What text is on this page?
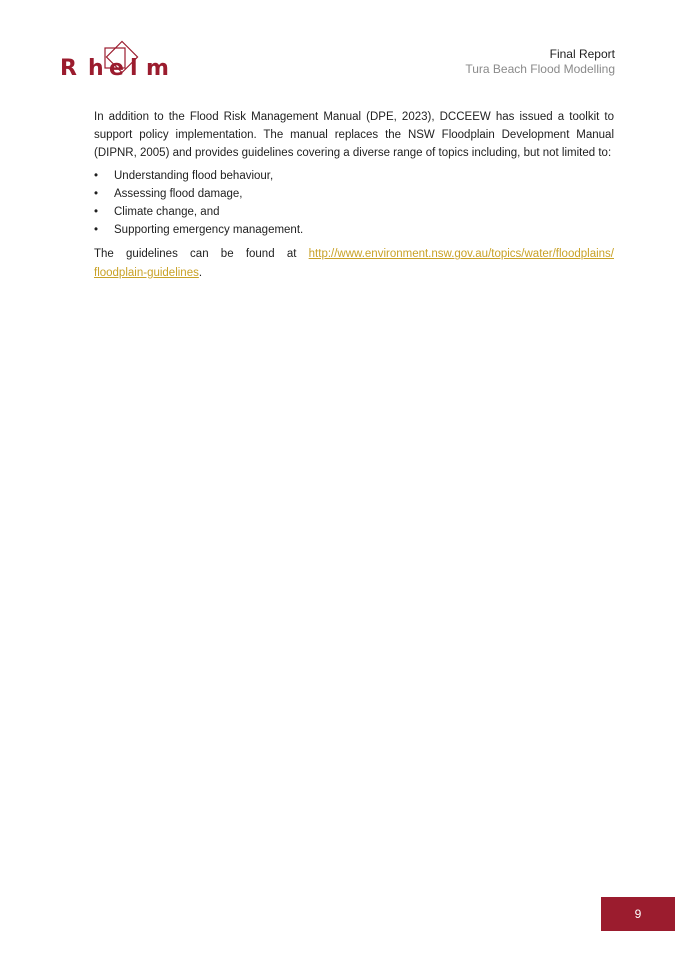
R h e l m
Final Report
Tura Beach Flood Modelling

In addition to the Flood Risk Management Manual (DPE, 2023), DCCEEW has issued a toolkit to support policy implementation. The manual replaces the NSW Floodplain Development Manual (DIPNR, 2005) and provides guidelines covering a diverse range of topics including, but not limited to:

• Understanding flood behaviour,
• Assessing flood damage,
• Climate change, and
• Supporting emergency management.

The guidelines can be found at http://www.environment.nsw.gov.au/topics/water/floodplains/
floodplain-guidelines.

9
